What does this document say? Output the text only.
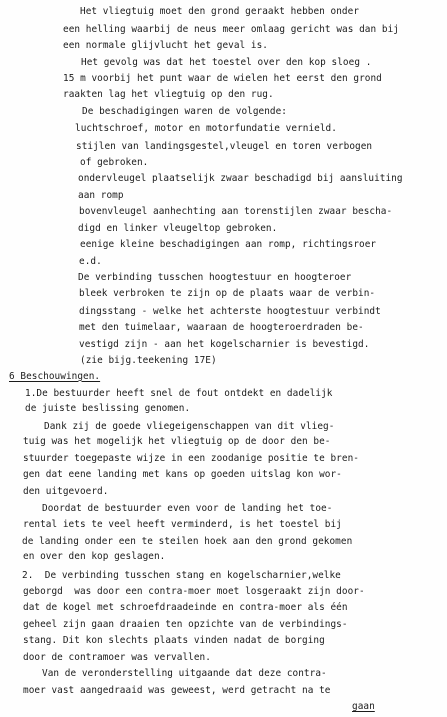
Het vliegtuig moet den grond geraakt hebben onder
een helling waarbij de neus meer omlaag gericht was dan bij
een normale glijvlucht het geval is.
Het gevolg was dat het toestel over den kop sloeg .
15 m voorbij het punt waar de wielen het eerst den grond
raakten lag het vliegtuig op den rug.
De beschadigingen waren de volgende:
luchtschroef, motor en motorfundatie vernield.
stijlen van landingsgestel,vleugel en toren verbogen
of gebroken.
ondervleugel plaatselijk zwaar beschadigd bij aansluiting
aan romp
bovenvleugel aanhechting aan torenstijlen zwaar bescha-
digd en linker vleugeltop gebroken.
eenige kleine beschadigingen aan romp, richtingsroer
e.d.
De verbinding tusschen hoogtestuur en hoogteroer
bleek verbroken te zijn op de plaats waar de verbin-
dingsstang - welke het achterste hoogtestuur verbindt
met den tuimelaar, waaraan de hoogteroerdraden be-
vestigd zijn - aan het kogelscharnier is bevestigd.
(zie bijg.teekening 17E)
6 Beschouwingen.
1.De bestuurder heeft snel de fout ontdekt en dadelijk
de juiste beslissing genomen.
Dank zij de goede vliegeigenschappen van dit vlieg-
tuig was het mogelijk het vliegtuig op de door den be-
stuurder toegepaste wijze in een zoodanige positie te bren-
gen dat eene landing met kans op goeden uitslag kon wor-
den uitgevoerd.
Doordat de bestuurder even voor de landing het toe-
rental iets te veel heeft verminderd, is het toestel bij
de landing onder een te steilen hoek aan den grond gekomen
en over den kop geslagen.
2.  De verbinding tusschen stang en kogelscharnier,welke
geborgd  was door een contra-moer moet losgeraakt zijn door-
dat de kogel met schroefdraadeinde en contra-moer als één
geheel zijn gaan draaien ten opzichte van de verbindings-
stang. Dit kon slechts plaats vinden nadat de borging
door de contramoer was vervallen.
Van de veronderstelling uitgaande dat deze contra-
moer vast aangedraaid was geweest, werd getracht na te
gaan
